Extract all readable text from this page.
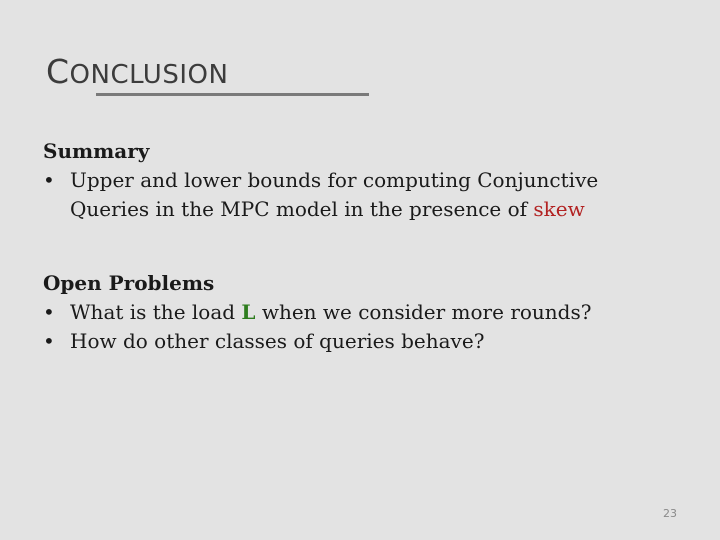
CONCLUSION
Summary
• Upper and lower bounds for computing Conjunctive
Queries in the MPC model in the presence of skew
Open Problems
• What is the load L when we consider more rounds?
• How do other classes of queries behave?
23
